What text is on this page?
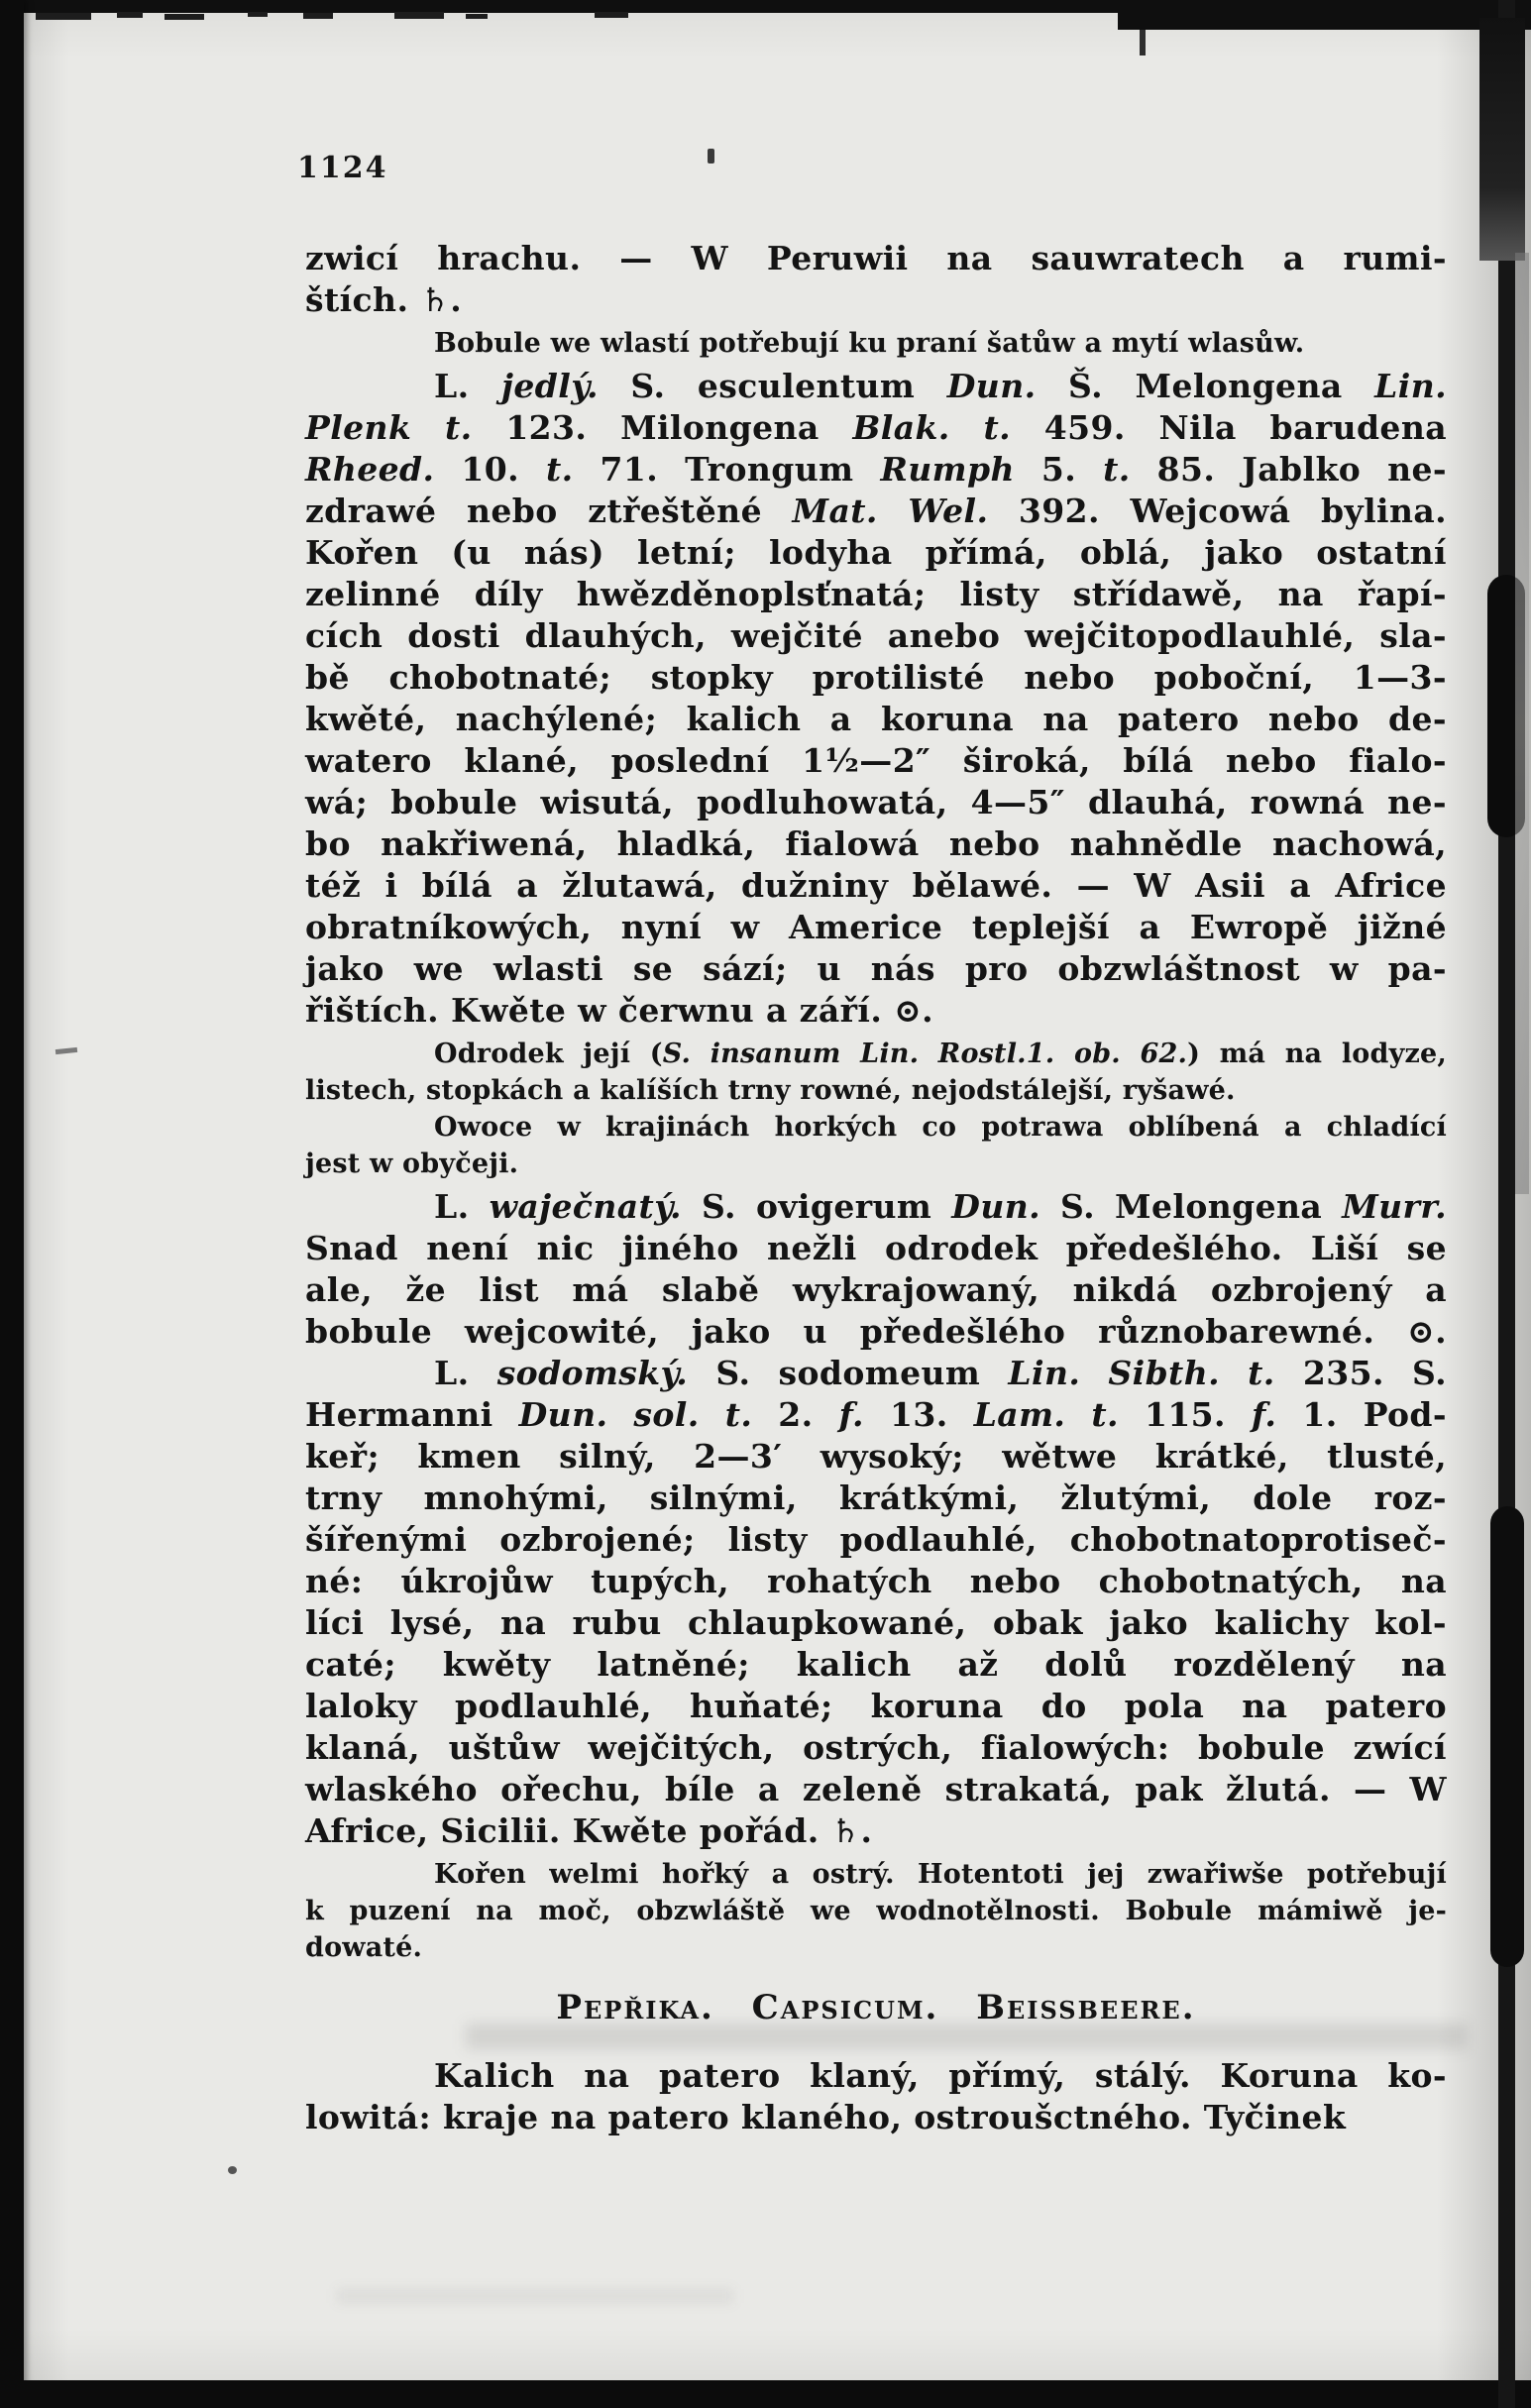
1124
zwicí hrachu. — W Peruwii na sauwratech a rumi-
štích. ♄.
Bobule we wlastí potřebují ku praní šatůw a mytí wlasůw.
L. jedlý. S. esculentum Dun. Š. Melongena Lin.
Plenk t. 123. Milongena Blak. t. 459. Nila barudena
Rheed. 10. t. 71. Trongum Rumph 5. t. 85. Jablko ne-
zdrawé nebo ztřeštěné Mat. Wel. 392. Wejcowá bylina.
Kořen (u nás) letní; lodyha přímá, oblá, jako ostatní
zelinné díly hwězděnoplsťnatá; listy střídawě, na řapí-
cích dosti dlauhých, wejčité anebo wejčitopodlauhlé, sla-
bě chobotnaté; stopky protilisté nebo poboční, 1—3-
kwěté, nachýlené; kalich a koruna na patero nebo de-
watero klané, poslední 1½—2″ široká, bílá nebo fialo-
wá; bobule wisutá, podluhowatá, 4—5″ dlauhá, rowná ne-
bo nakřiwená, hladká, fialowá nebo nahnědle nachowá,
též i bílá a žlutawá, dužniny bělawé. — W Asii a Africe
obratníkowých, nyní w Americe teplejší a Ewropě jižné
jako we wlasti se sází; u nás pro obzwláštnost w pa-
řištích. Kwěte w čerwnu a září. ⊙.
Odrodek její (S. insanum Lin. Rostl.1. ob. 62.) má na lodyze,
listech, stopkách a kalíších trny rowné, nejodstálejší, ryšawé.
Owoce w krajinách horkých co potrawa oblíbená a chladící
jest w obyčeji.
L. waječnatý. S. ovigerum Dun. S. Melongena Murr.
Snad není nic jiného nežli odrodek předešlého. Liší se
ale, že list má slabě wykrajowaný, nikdá ozbrojený a
bobule wejcowité, jako u předešlého různobarewné. ⊙.
L. sodomský. S. sodomeum Lin. Sibth. t. 235. S.
Hermanni Dun. sol. t. 2. f. 13. Lam. t. 115. f. 1. Pod-
keř; kmen silný, 2—3′ wysoký; wětwe krátké, tlusté,
trny mnohými, silnými, krátkými, žlutými, dole roz-
šířenými ozbrojené; listy podlauhlé, chobotnatoprotiseč-
né: úkrojůw tupých, rohatých nebo chobotnatých, na
líci lysé, na rubu chlaupkowané, obak jako kalichy kol-
caté; kwěty latněné; kalich až dolů rozdělený na
laloky podlauhlé, huňaté; koruna do pola na patero
klaná, uštůw wejčitých, ostrých, fialowých: bobule zwící
wlaského ořechu, bíle a zeleně strakatá, pak žlutá. — W
Africe, Sicilii. Kwěte pořád. ♄.
Kořen welmi hořký a ostrý. Hotentoti jej zwařiwše potřebují
k puzení na moč, obzwláště we wodnotělnosti. Bobule mámiwě je-
dowaté.
Pepřika. Capsicum. Beissbeere.
Kalich na patero klaný, přímý, stálý. Koruna ko-
lowitá: kraje na patero klaného, ostroušctného. Tyčinek
